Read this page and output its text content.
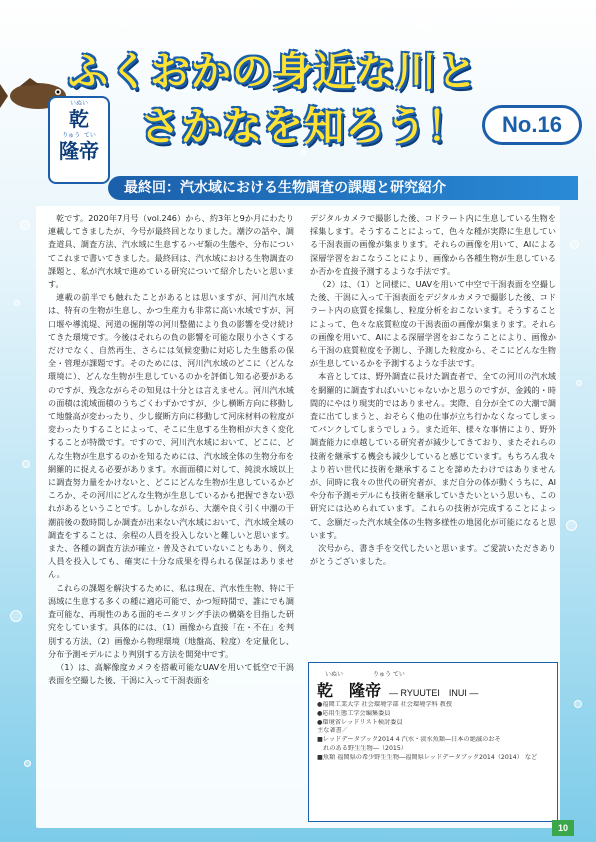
ふくおかの身近な川と
さかなを知ろう！	No.16
いぬい
乾
りゅう てい
隆帝
最終回：汽水域における生物調査の課題と研究紹介

乾です。2020年7月号（vol.246）から、約3年と9か月にわたり連載してきましたが、今号が最終回となりました。潮汐の話や、調査道具、調査方法、汽水域に生息するハゼ類の生態や、分布についてこれまで書いてきました。最終回は、汽水域における生物調査の課題と、私が汽水域で進めている研究について紹介したいと思います。

連載の前半でも触れたことがあるとは思いますが、河川汽水域は、特有の生物が生息し、かつ生産力も非常に高い水域ですが、河口堰や導流堤、河道の掘削等の河川整備により負の影響を受け続けてきた環境です。今後はそれらの負の影響を可能な限り小さくするだけでなく、自然再生、さらには気候変動に対応した生態系の保全・管理が課題です。そのためには、河川汽水域のどこに（どんな環境に）、どんな生物が生息しているのかを評価し知る必要があるのですが、残念ながらその知見は十分とは言えません。河川汽水域の面積は流域面積のうちごくわずかですが、少し横断方向に移動して地盤高が変わったり、少し縦断方向に移動して河床材料の粒度が変わったりすることによって、そこに生息する生物相が大きく変化することが特徴です。ですので、河川汽水域において、どこに、どんな生物が生息するのかを知るためには、汽水域全体の生物分布を網羅的に捉える必要があります。水面面積に対して、純淡水域以上に調査努力量をかけないと、どこにどんな生物が生息しているかどころか、その河川にどんな生物が生息しているかも把握できない恐れがあるということです。しかしながら、大潮や良く引く中潮の干潮前後の数時間しか調査が出来ない汽水域において、汽水域全域の調査をすることは、余程の人員を投入しないと難しいと思います。また、各種の調査方法が確立・普及されていないこともあり、例え人員を投入しても、確実に十分な成果を得られる保証はありません。

これらの課題を解決するために、私は現在、汽水性生物、特に干潟域に生息する多くの種に適応可能で、かつ短時間で、誰にでも調査可能な、再現性のある面的モニタリング手法の構築を目指した研究をしています。具体的には、（1）画像から直接「在・不在」を判別する方法、（2）画像から物理環境（地盤高、粒度）を定量化し、分布予測モデルにより判別する方法を開発中です。

（1）は、高解像度カメラを搭載可能なUAVを用いて低空で干潟表面を空撮した後、干潟に入って干潟表面を

デジタルカメラで撮影した後、コドラート内に生息している生物を採集します。そうすることによって、色々な種が実際に生息している干潟表面の画像が集まります。それらの画像を用いて、AIによる深層学習をおこなうことにより、画像から各種生物が生息しているか否かを直接予測するような手法です。

（2）は、（1）と同様に、UAVを用いて中空で干潟表面を空撮した後、干潟に入って干潟表面をデジタルカメラで撮影した後、コドラート内の底質を採集し、粒度分析をおこないます。そうすることによって、色々な底質粒度の干潟表面の画像が集まります。それらの画像を用いて、AIによる深層学習をおこなうことにより、画像から干潟の底質粒度を予測し、予測した粒度から、そこにどんな生物が生息しているかを予測するような手法です。

本音としては、野外調査に長けた調査者で、全ての河川の汽水域を網羅的に調査すればいいじゃないかと思うのですが、金銭的・時間的にやはり現実的ではありません。実際、自分が全ての大潮で調査に出てしまうと、おそらく他の仕事が立ち行かなくなってしまってパンクしてしまうでしょう。また近年、様々な事情により、野外調査能力に卓越している研究者が減少してきており、またそれらの技術を継承する機会も減少していると感じています。もちろん我々より若い世代に技術を継承することを諦めたわけではありませんが、同時に我々の世代の研究者が、まだ自分の体が動くうちに、AIや分布予測モデルにも技術を継承していきたいという思いも、この研究には込められています。これらの技術が完成することによって、念願だった汽水域全体の生物多様性の地図化が可能になると思います。

次号から、書き手を交代したいと思います。ご愛読いただきありがとうございました。

いぬい	りゅう てい
乾　隆帝 ― RYUUTEI　INUI ―
●福岡工業大学 社会環境学部 社会環境学科 教授
●応用生態工学会編集委員
●環境省レッドリスト検討委員
主な著書／
■レッドデータブック2014 4 汽水・淡水魚類―日本の絶滅のおそ
　れのある野生生物―（2015）
■魚類 福岡県の希少野生生物―福岡県レッドデータブック2014（2014） など
10
